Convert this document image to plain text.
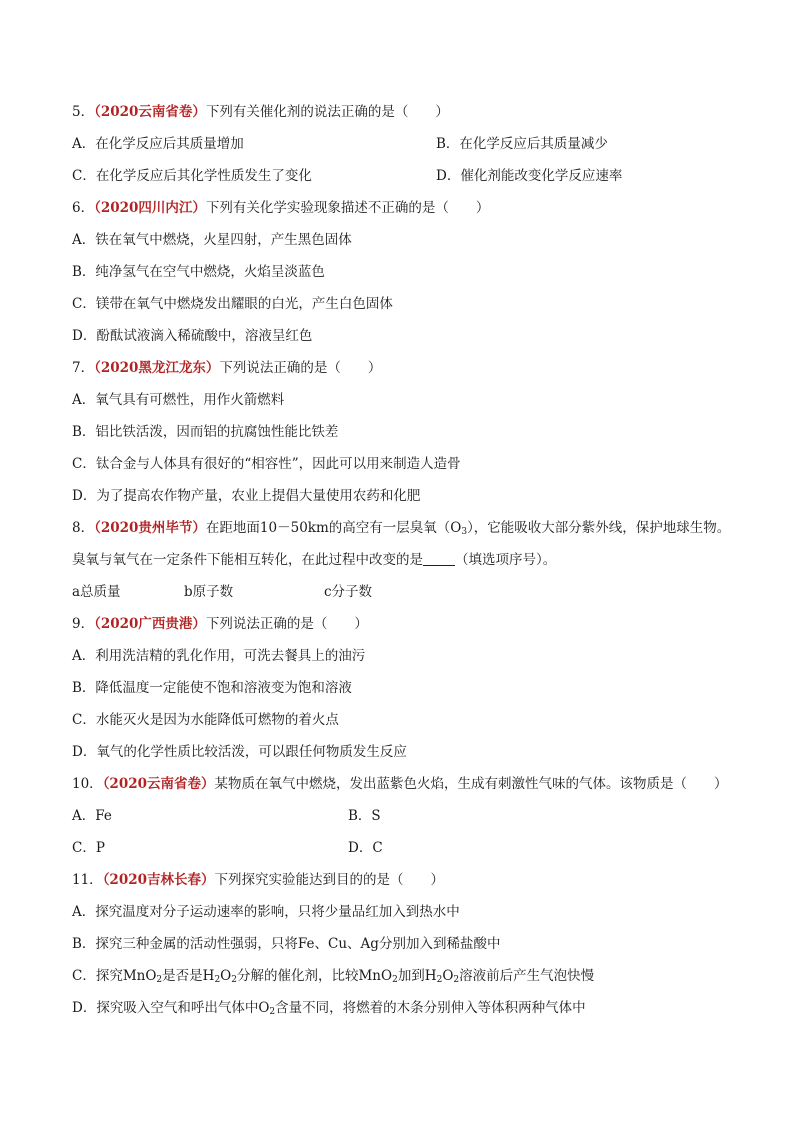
5．（2020云南省卷）下列有关催化剂的说法正确的是（　　）
A．在化学反应后其质量增加	B．在化学反应后其质量减少
C．在化学反应后其化学性质发生了变化	D．催化剂能改变化学反应速率
6．（2020四川内江）下列有关化学实验现象描述不正确的是（　　）
A．铁在氧气中燃烧，火星四射，产生黑色固体
B．纯净氢气在空气中燃烧，火焰呈淡蓝色
C．镁带在氧气中燃烧发出耀眼的白光，产生白色固体
D．酚酞试液滴入稀硫酸中，溶液呈红色
7．（2020黑龙江龙东）下列说法正确的是（　　）
A．氧气具有可燃性，用作火箭燃料
B．铝比铁活泼，因而铝的抗腐蚀性能比铁差
C．钛合金与人体具有很好的“相容性”，因此可以用来制造人造骨
D．为了提高农作物产量，农业上提倡大量使用农药和化肥
8．（2020贵州毕节）在距地面10－50km的高空有一层臭氧$(O_3)$，它能吸收大部分紫外线，保护地球生物。
臭氧与氧气在一定条件下能相互转化，在此过程中改变的是 （填选项序号）。
a总质量	b原子数	c分子数
9．（2020广西贵港）下列说法正确的是（　　）
A．利用洗洁精的乳化作用，可洗去餐具上的油污
B．降低温度一定能使不饱和溶液变为饱和溶液
C．水能灭火是因为水能降低可燃物的着火点
D．氧气的化学性质比较活泼，可以跟任何物质发生反应
10．（2020云南省卷）某物质在氧气中燃烧，发出蓝紫色火焰，生成有刺激性气味的气体。该物质是（　　）
A．Fe	B．S
C．P	D．C
11．（2020吉林长春）下列探究实验能达到目的的是（　　）
A．探究温度对分子运动速率的影响，只将少量品红加入到热水中
B．探究三种金属的活动性强弱，只将Fe、Cu、Ag分别加入到稀盐酸中
C．探究MnO$_2$是否是$H_2O_2$分解的催化剂，比较MnO$_2$加到$H_2O_2$溶液前后产生气泡快慢
D．探究吸入空气和呼出气体中$O_2$含量不同，将燃着的木条分别伸入等体积两种气体中
